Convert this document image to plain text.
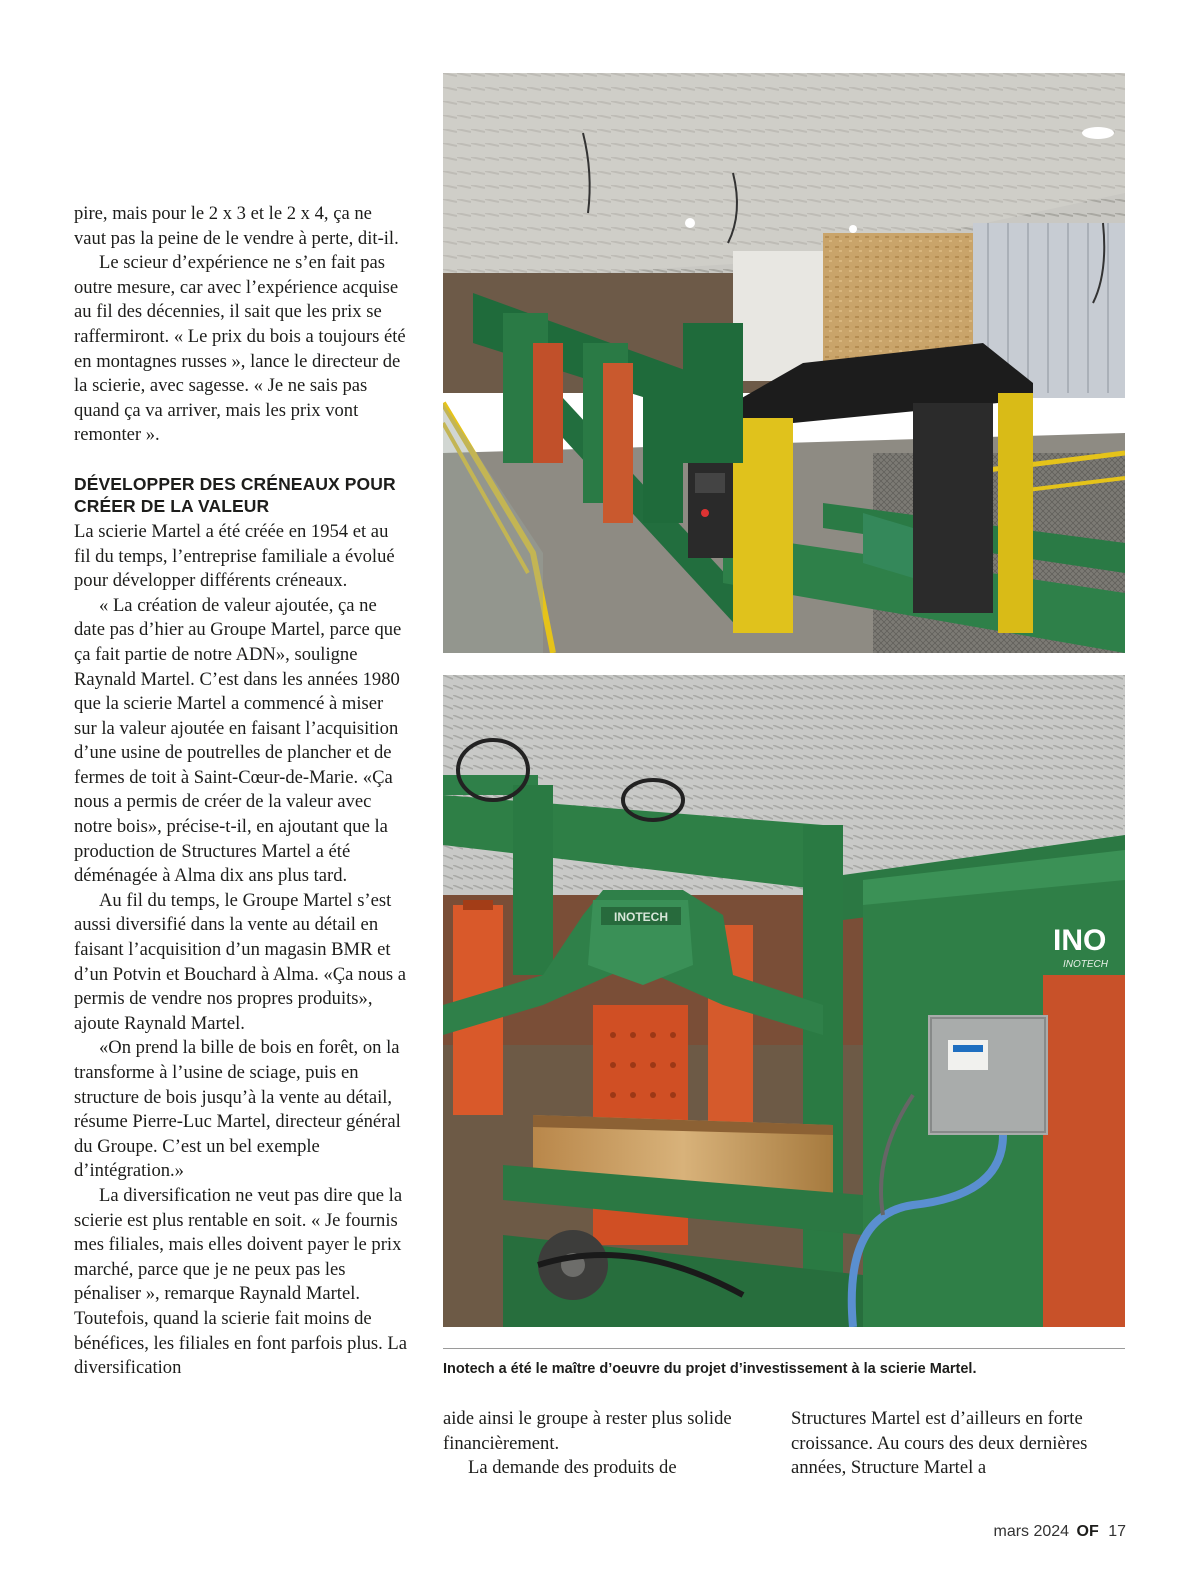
pire, mais pour le 2 x 3 et le 2 x 4, ça ne vaut pas la peine de le vendre à perte, dit-il.

Le scieur d’expérience ne s’en fait pas outre mesure, car avec l’expérience acquise au fil des décennies, il sait que les prix se raffermiront. « Le prix du bois a toujours été en montagnes russes », lance le directeur de la scierie, avec sagesse. « Je ne sais pas quand ça va arriver, mais les prix vont remonter ».

DÉVELOPPER DES CRÉNEAUX POUR CRÉER DE LA VALEUR

La scierie Martel a été créée en 1954 et au fil du temps, l’entreprise familiale a évolué pour développer différents créneaux.

« La création de valeur ajoutée, ça ne date pas d’hier au Groupe Martel, parce que ça fait partie de notre ADN», souligne Raynald Martel. C’est dans les années 1980 que la scierie Martel a commencé à miser sur la valeur ajoutée en faisant l’acquisition d’une usine de poutrelles de plancher et de fermes de toit à Saint-Cœur-de-Marie. «Ça nous a permis de créer de la valeur avec notre bois», précise-t-il, en ajoutant que la production de Structures Martel a été déménagée à Alma dix ans plus tard.

Au fil du temps, le Groupe Martel s’est aussi diversifié dans la vente au détail en faisant l’acquisition d’un magasin BMR et d’un Potvin et Bouchard à Alma. «Ça nous a permis de vendre nos propres produits», ajoute Raynald Martel.

«On prend la bille de bois en forêt, on la transforme à l’usine de sciage, puis en structure de bois jusqu’à la vente au détail, résume Pierre-Luc Martel, directeur général du Groupe. C’est un bel exemple d’intégration.»

La diversification ne veut pas dire que la scierie est plus rentable en soit. « Je fournis mes filiales, mais elles doivent payer le prix marché, parce que je ne peux pas les pénaliser », remarque Raynald Martel. Toutefois, quand la scierie fait moins de bénéfices, les filiales en font parfois plus. La diversification

INOTECH
INO
INOTECH
Inotech a été le maître d’oeuvre du projet d’investissement à la scierie Martel.

aide ainsi le groupe à rester plus solide financièrement.

La demande des produits de

Structures Martel est d’ailleurs en forte croissance. Au cours des deux dernières années, Structure Martel a

mars 2024 OF 17
